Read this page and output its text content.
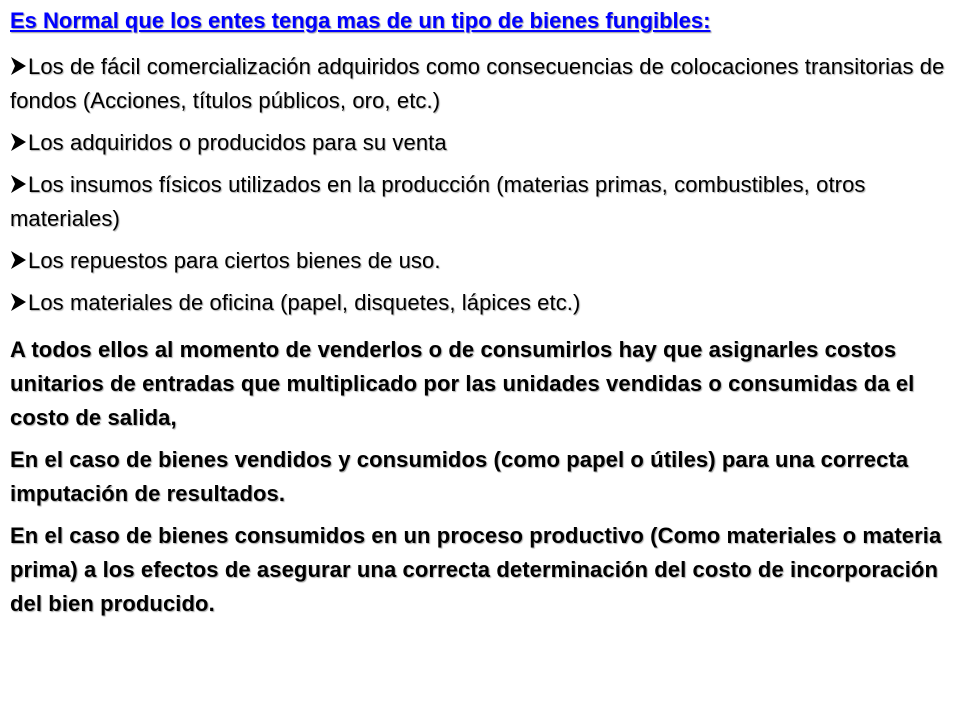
Es Normal que los entes tenga mas de un tipo de bienes fungibles:
Los de fácil comercialización adquiridos como consecuencias de colocaciones transitorias de fondos (Acciones, títulos públicos, oro, etc.)
Los adquiridos o producidos para su venta
Los insumos físicos utilizados en la producción (materias primas, combustibles, otros materiales)
Los repuestos para ciertos bienes de uso.
Los materiales de oficina (papel, disquetes, lápices etc.)

A todos ellos al momento de venderlos o de consumirlos hay que asignarles costos unitarios de entradas que multiplicado por las unidades vendidas o consumidas da el costo de salida,

En el caso de bienes vendidos y consumidos (como papel o útiles) para una correcta imputación de resultados.

En el caso de bienes consumidos en un proceso productivo (Como materiales o materia prima) a los efectos de asegurar una correcta determinación del costo de incorporación del bien producido.
